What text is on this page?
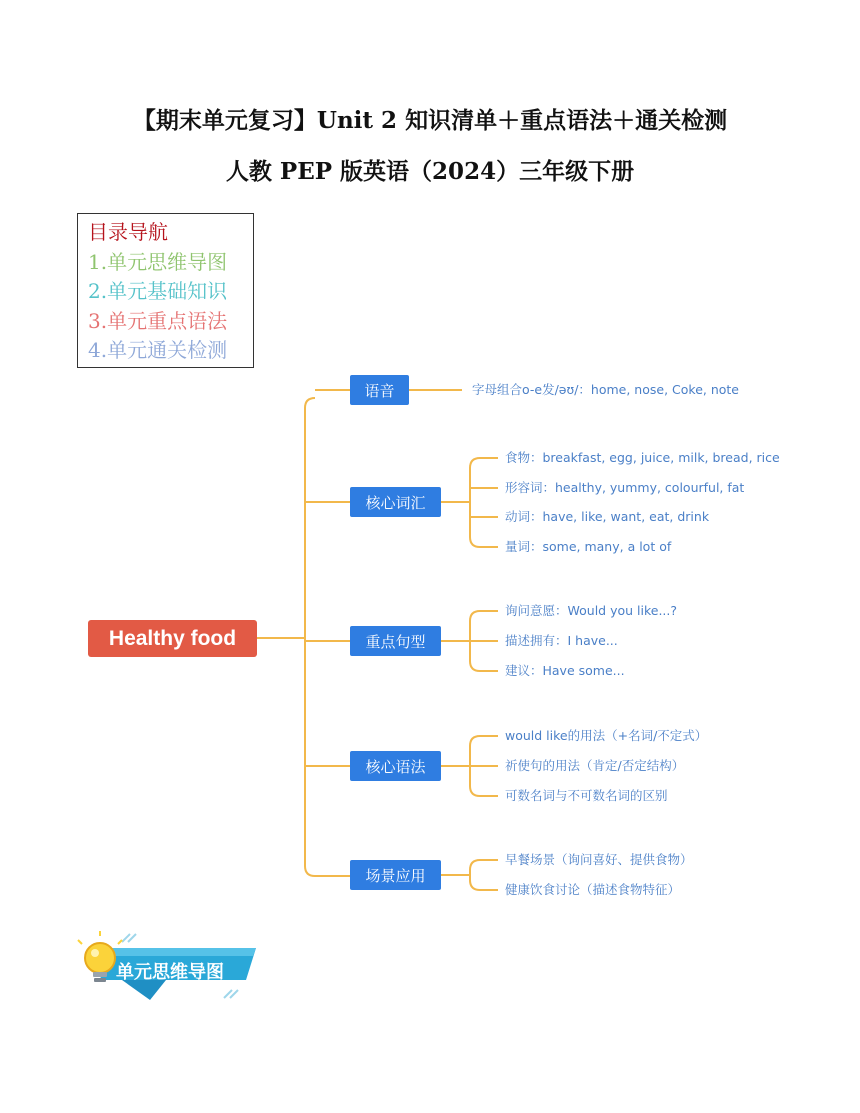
【期末单元复习】Unit 2 知识清单＋重点语法＋通关检测
人教 PEP 版英语（2024）三年级下册
目录导航
1.单元思维导图
2.单元基础知识
3.单元重点语法
4.单元通关检测
Healthy food
语音
核心词汇
重点句型
核心语法
场景应用
字母组合o-e发/əʊ/：home, nose, Coke, note
食物：breakfast, egg, juice, milk, bread, rice
形容词：healthy, yummy, colourful, fat
动词：have, like, want, eat, drink
量词：some, many, a lot of
询问意愿：Would you like...?
描述拥有：I have...
建议：Have some...
would like的用法（+名词/不定式）
祈使句的用法（肯定/否定结构）
可数名词与不可数名词的区别
早餐场景（询问喜好、提供食物）
健康饮食讨论（描述食物特征）
单元思维导图
